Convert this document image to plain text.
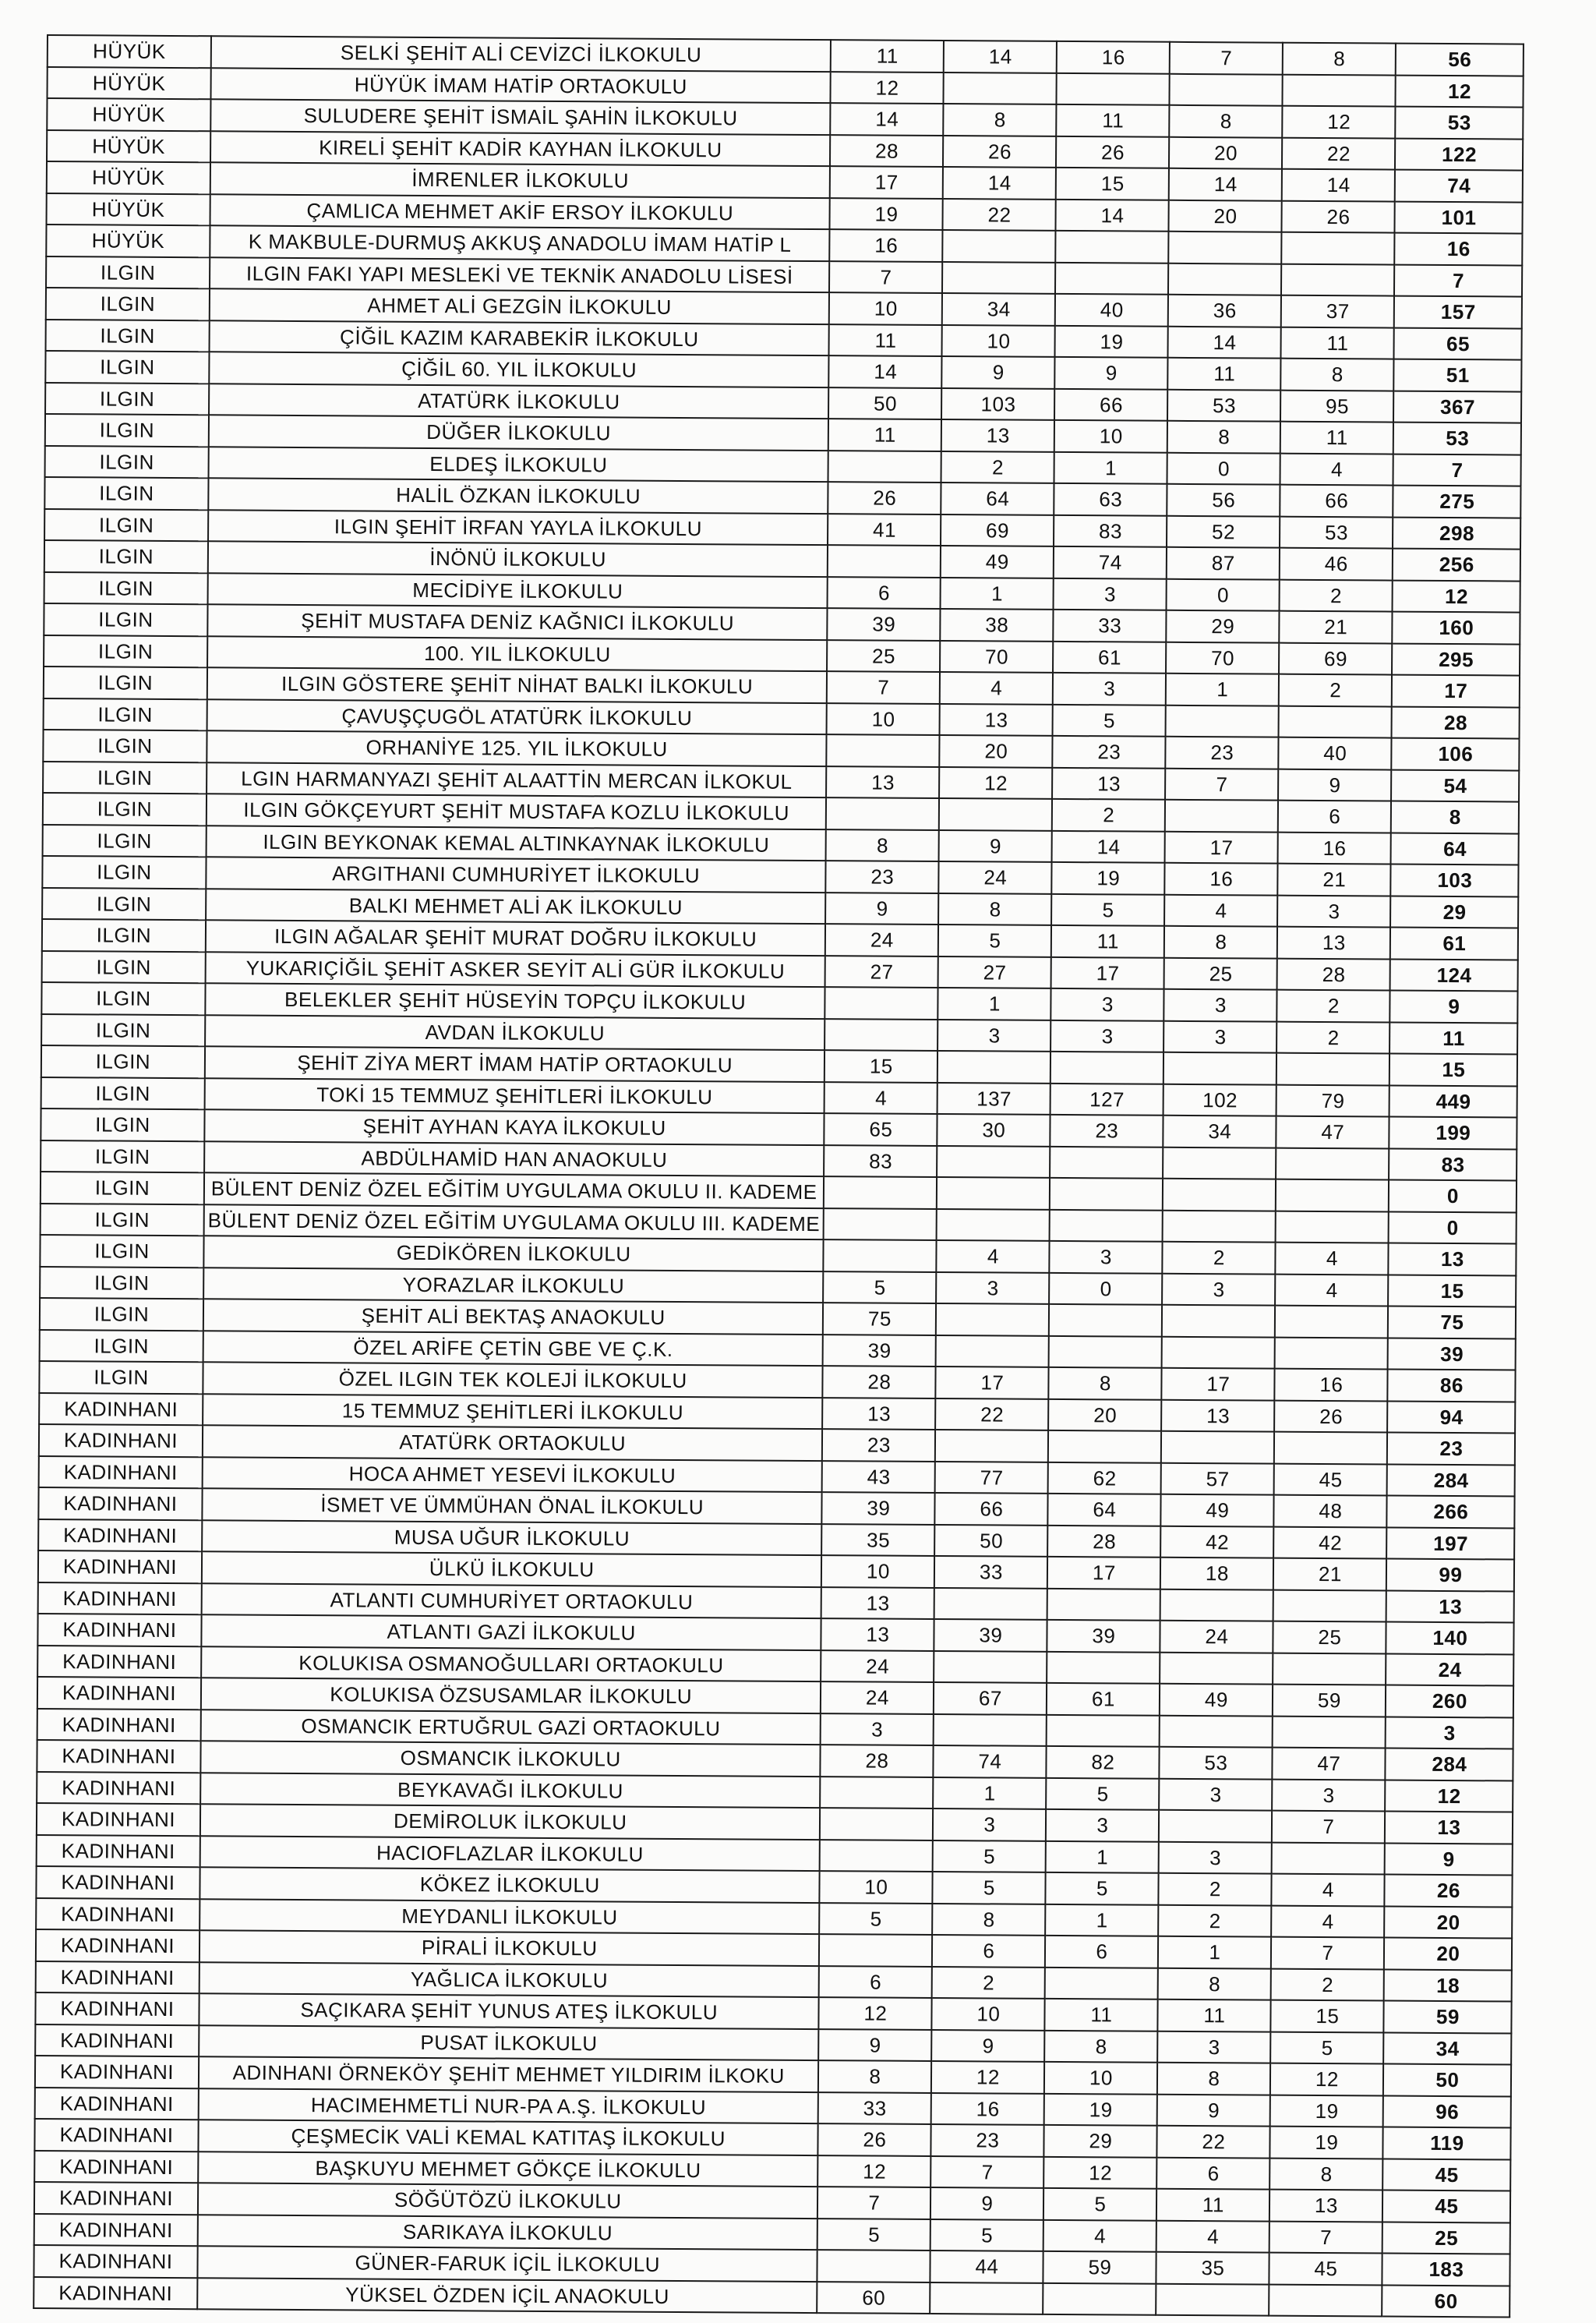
HÜYÜK	SELKİ ŞEHİT ALİ CEVİZCİ İLKOKULU	11	14	16	7	8	56
HÜYÜK	HÜYÜK İMAM HATİP ORTAOKULU	12					12
HÜYÜK	SULUDERE ŞEHİT İSMAİL ŞAHİN İLKOKULU	14	8	11	8	12	53
HÜYÜK	KIRELİ ŞEHİT KADİR KAYHAN İLKOKULU	28	26	26	20	22	122
HÜYÜK	İMRENLER İLKOKULU	17	14	15	14	14	74
HÜYÜK	ÇAMLICA MEHMET AKİF ERSOY İLKOKULU	19	22	14	20	26	101
HÜYÜK	K MAKBULE-DURMUŞ AKKUŞ ANADOLU İMAM HATİP L	16					16
ILGIN	ILGIN FAKI YAPI MESLEKİ VE TEKNİK ANADOLU LİSESİ	7					7
ILGIN	AHMET ALİ GEZGİN İLKOKULU	10	34	40	36	37	157
ILGIN	ÇİĞİL KAZIM KARABEKİR İLKOKULU	11	10	19	14	11	65
ILGIN	ÇİĞİL 60. YIL İLKOKULU	14	9	9	11	8	51
ILGIN	ATATÜRK İLKOKULU	50	103	66	53	95	367
ILGIN	DÜĞER İLKOKULU	11	13	10	8	11	53
ILGIN	ELDEŞ İLKOKULU		2	1	0	4	7
ILGIN	HALİL ÖZKAN İLKOKULU	26	64	63	56	66	275
ILGIN	ILGIN ŞEHİT İRFAN YAYLA İLKOKULU	41	69	83	52	53	298
ILGIN	İNÖNÜ İLKOKULU		49	74	87	46	256
ILGIN	MECİDİYE İLKOKULU	6	1	3	0	2	12
ILGIN	ŞEHİT MUSTAFA DENİZ KAĞNICI İLKOKULU	39	38	33	29	21	160
ILGIN	100. YIL İLKOKULU	25	70	61	70	69	295
ILGIN	ILGIN GÖSTERE ŞEHİT NİHAT BALKI İLKOKULU	7	4	3	1	2	17
ILGIN	ÇAVUŞÇUGÖL ATATÜRK İLKOKULU	10	13	5			28
ILGIN	ORHANİYE 125. YIL İLKOKULU		20	23	23	40	106
ILGIN	LGIN HARMANYAZI ŞEHİT ALAATTİN MERCAN İLKOKUL	13	12	13	7	9	54
ILGIN	ILGIN GÖKÇEYURT ŞEHİT MUSTAFA KOZLU İLKOKULU			2		6	8
ILGIN	ILGIN BEYKONAK KEMAL ALTINKAYNAK İLKOKULU	8	9	14	17	16	64
ILGIN	ARGITHANI CUMHURİYET İLKOKULU	23	24	19	16	21	103
ILGIN	BALKI MEHMET ALİ AK İLKOKULU	9	8	5	4	3	29
ILGIN	ILGIN AĞALAR ŞEHİT MURAT DOĞRU İLKOKULU	24	5	11	8	13	61
ILGIN	YUKARIÇİĞİL ŞEHİT ASKER SEYİT ALİ GÜR İLKOKULU	27	27	17	25	28	124
ILGIN	BELEKLER ŞEHİT HÜSEYİN TOPÇU İLKOKULU		1	3	3	2	9
ILGIN	AVDAN İLKOKULU		3	3	3	2	11
ILGIN	ŞEHİT ZİYA MERT İMAM HATİP ORTAOKULU	15					15
ILGIN	TOKİ 15 TEMMUZ ŞEHİTLERİ İLKOKULU	4	137	127	102	79	449
ILGIN	ŞEHİT AYHAN KAYA İLKOKULU	65	30	23	34	47	199
ILGIN	ABDÜLHAMİD HAN ANAOKULU	83					83
ILGIN	BÜLENT DENİZ ÖZEL EĞİTİM UYGULAMA OKULU II. KADEME						0
ILGIN	BÜLENT DENİZ ÖZEL EĞİTİM UYGULAMA OKULU III. KADEME						0
ILGIN	GEDİKÖREN İLKOKULU		4	3	2	4	13
ILGIN	YORAZLAR İLKOKULU	5	3	0	3	4	15
ILGIN	ŞEHİT ALİ BEKTAŞ ANAOKULU	75					75
ILGIN	ÖZEL ARİFE ÇETİN GBE VE Ç.K.	39					39
ILGIN	ÖZEL ILGIN TEK KOLEJİ İLKOKULU	28	17	8	17	16	86
KADINHANI	15 TEMMUZ ŞEHİTLERİ İLKOKULU	13	22	20	13	26	94
KADINHANI	ATATÜRK ORTAOKULU	23					23
KADINHANI	HOCA AHMET YESEVİ İLKOKULU	43	77	62	57	45	284
KADINHANI	İSMET VE ÜMMÜHAN ÖNAL İLKOKULU	39	66	64	49	48	266
KADINHANI	MUSA UĞUR İLKOKULU	35	50	28	42	42	197
KADINHANI	ÜLKÜ İLKOKULU	10	33	17	18	21	99
KADINHANI	ATLANTI CUMHURİYET ORTAOKULU	13					13
KADINHANI	ATLANTI GAZİ İLKOKULU	13	39	39	24	25	140
KADINHANI	KOLUKISA OSMANOĞULLARI ORTAOKULU	24					24
KADINHANI	KOLUKISA ÖZSUSAMLAR İLKOKULU	24	67	61	49	59	260
KADINHANI	OSMANCIK ERTUĞRUL GAZİ ORTAOKULU	3					3
KADINHANI	OSMANCIK İLKOKULU	28	74	82	53	47	284
KADINHANI	BEYKAVAĞI İLKOKULU		1	5	3	3	12
KADINHANI	DEMİROLUK İLKOKULU		3	3		7	13
KADINHANI	HACIOFLAZLAR İLKOKULU		5	1	3		9
KADINHANI	KÖKEZ İLKOKULU	10	5	5	2	4	26
KADINHANI	MEYDANLI İLKOKULU	5	8	1	2	4	20
KADINHANI	PİRALİ İLKOKULU		6	6	1	7	20
KADINHANI	YAĞLICA İLKOKULU	6	2		8	2	18
KADINHANI	SAÇIKARA ŞEHİT YUNUS ATEŞ İLKOKULU	12	10	11	11	15	59
KADINHANI	PUSAT İLKOKULU	9	9	8	3	5	34
KADINHANI	ADINHANI ÖRNEKÖY ŞEHİT MEHMET YILDIRIM İLKOKU	8	12	10	8	12	50
KADINHANI	HACIMEHMETLİ NUR-PA A.Ş. İLKOKULU	33	16	19	9	19	96
KADINHANI	ÇEŞMECİK VALİ KEMAL KATITAŞ İLKOKULU	26	23	29	22	19	119
KADINHANI	BAŞKUYU MEHMET GÖKÇE İLKOKULU	12	7	12	6	8	45
KADINHANI	SÖĞÜTÖZÜ İLKOKULU	7	9	5	11	13	45
KADINHANI	SARIKAYA İLKOKULU	5	5	4	4	7	25
KADINHANI	GÜNER-FARUK İÇİL İLKOKULU		44	59	35	45	183
KADINHANI	YÜKSEL ÖZDEN İÇİL ANAOKULU	60					60
